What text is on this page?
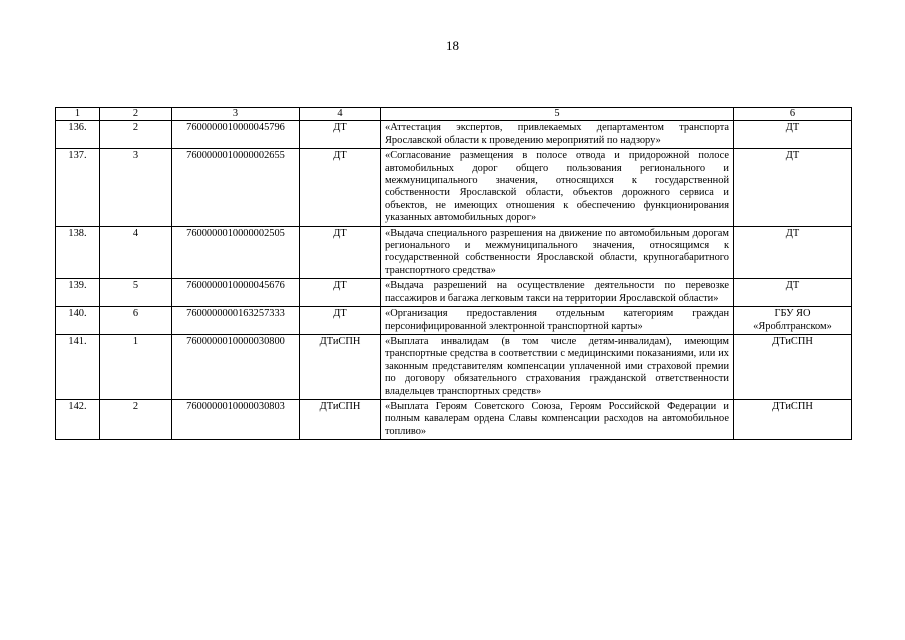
18
1	2	3	4	5	6
136.	2	7600000010000045796	ДТ	«Аттестация экспертов, привлекаемых департаментом транспорта Ярославской области к проведению мероприятий по надзору»	ДТ
137.	3	7600000010000002655	ДТ	«Согласование размещения в полосе отвода и придорожной полосе автомобильных дорог общего пользования регионального и межмуниципального значения, относящихся к государственной собственности Ярославской области, объектов дорожного сервиса и объектов, не имеющих отношения к обеспечению функционирования указанных автомобильных дорог»	ДТ
138.	4	7600000010000002505	ДТ	«Выдача специального разрешения на движение по автомобильным дорогам регионального и межмуниципального значения, относящимся к государственной собственности Ярославской области, крупногабаритного транспортного средства»	ДТ
139.	5	7600000010000045676	ДТ	«Выдача разрешений на осуществление деятельности по перевозке пассажиров и багажа легковым такси на территории Ярославской области»	ДТ
140.	6	7600000000163257333	ДТ	«Организация предоставления отдельным категориям граждан персонифицированной электронной транспортной карты»	ГБУ ЯО «Яроблтранском»
141.	1	7600000010000030800	ДТиСПН	«Выплата инвалидам (в том числе детям-инвалидам), имеющим транспортные средства в соответствии с медицинскими показаниями, или их законным представителям компенсации уплаченной ими страховой премии по договору обязательного страхования гражданской ответственности владельцев транспортных средств»	ДТиСПН
142.	2	7600000010000030803	ДТиСПН	«Выплата Героям Советского Союза, Героям Российской Федерации и полным кавалерам ордена Славы компенсации расходов на автомобильное топливо»	ДТиСПН
